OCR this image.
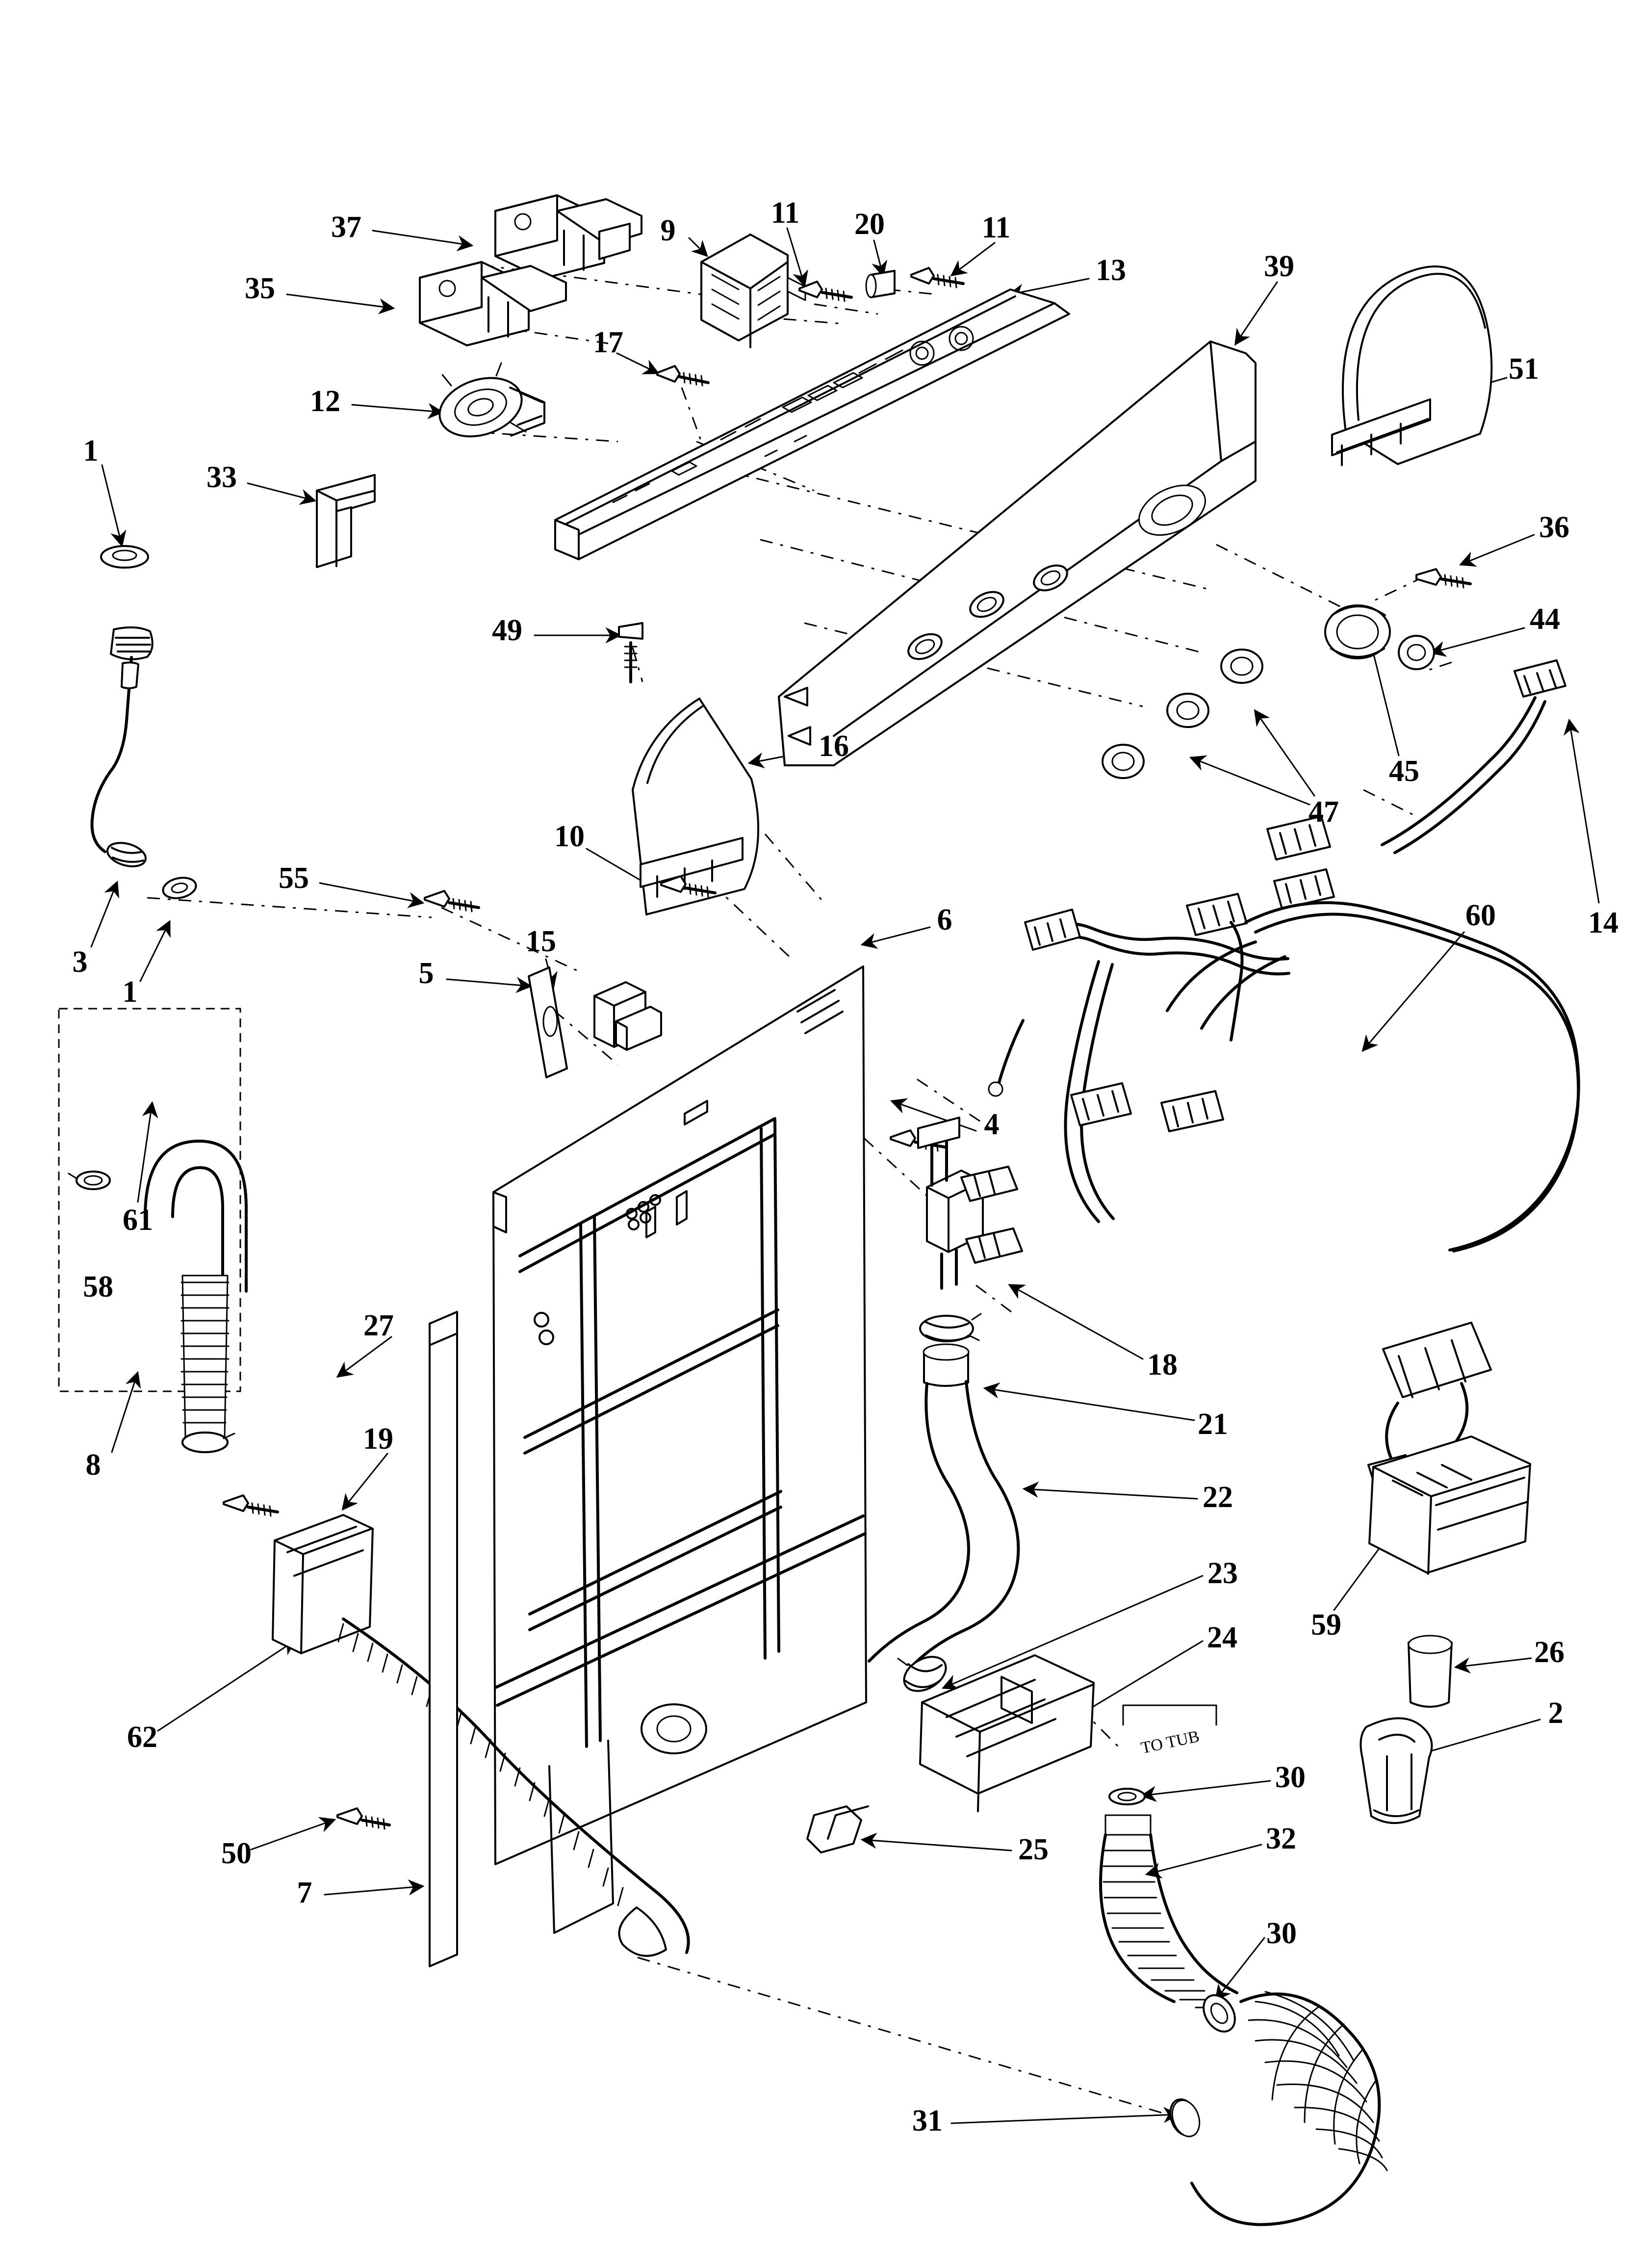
37	9
11 20	11
13	39
35
51
17
12
33
1
36
44
49
45
16
47
14
55
10
6	60
15
5
3
1
4
61
58
18
27
21
8
19
22
23
24 59
26
2
62
30
32
50
7
25
30
31
TO TUB
